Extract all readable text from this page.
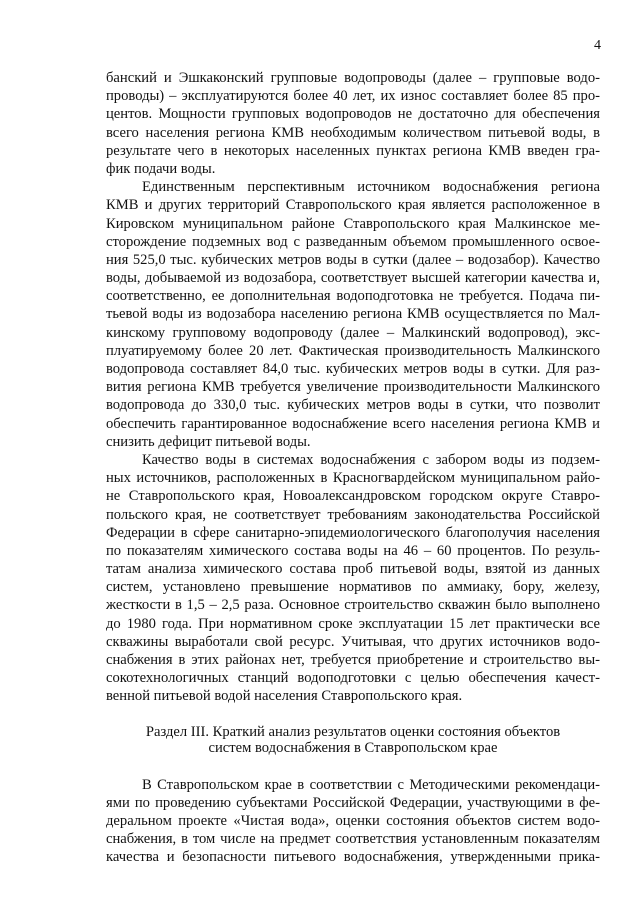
4
банский и Эшкаконский групповые водопроводы (далее – групповые водо-
проводы) – эксплуатируются более 40 лет, их износ составляет более 85 про-
центов. Мощности групповых водопроводов не достаточно для обеспечения
всего населения региона КМВ необходимым количеством питьевой воды, в
результате чего в некоторых населенных пунктах региона КМВ введен гра-
фик подачи воды.
Единственным перспективным источником водоснабжения региона
КМВ и других территорий Ставропольского края является расположенное в
Кировском муниципальном районе Ставропольского края Малкинское ме-
сторождение подземных вод с разведанным объемом промышленного освое-
ния 525,0 тыс. кубических метров воды в сутки (далее – водозабор). Качество
воды, добываемой из водозабора, соответствует высшей категории качества и,
соответственно, ее дополнительная водоподготовка не требуется. Подача пи-
тьевой воды из водозабора населению региона КМВ осуществляется по Мал-
кинскому групповому водопроводу (далее – Малкинский водопровод), экс-
плуатируемому более 20 лет. Фактическая производительность Малкинского
водопровода составляет 84,0 тыс. кубических метров воды в сутки. Для раз-
вития региона КМВ требуется увеличение производительности Малкинского
водопровода до 330,0 тыс. кубических метров воды в сутки, что позволит
обеспечить гарантированное водоснабжение всего населения региона КМВ и
снизить дефицит питьевой воды.
Качество воды в системах водоснабжения с забором воды из подзем-
ных источников, расположенных в Красногвардейском муниципальном райо-
не Ставропольского края, Новоалександровском городском округе Ставро-
польского края, не соответствует требованиям законодательства Российской
Федерации в сфере санитарно-эпидемиологического благополучия населения
по показателям химического состава воды на 46 – 60 процентов. По резуль-
татам анализа химического состава проб питьевой воды, взятой из данных
систем, установлено превышение нормативов по аммиаку, бору, железу,
жесткости в 1,5 – 2,5 раза. Основное строительство скважин было выполнено
до 1980 года. При нормативном сроке эксплуатации 15 лет практически все
скважины выработали свой ресурс. Учитывая, что других источников водо-
снабжения в этих районах нет, требуется приобретение и строительство вы-
сокотехнологичных станций водоподготовки с целью обеспечения качест-
венной питьевой водой населения Ставропольского края.
Раздел III. Краткий анализ результатов оценки состояния объектов
систем водоснабжения в Ставропольском крае
В Ставропольском крае в соответствии с Методическими рекомендаци-
ями по проведению субъектами Российской Федерации, участвующими в фе-
деральном проекте «Чистая вода», оценки состояния объектов систем водо-
снабжения, в том числе на предмет соответствия установленным показателям
качества и безопасности питьевого водоснабжения, утвержденными прика-
